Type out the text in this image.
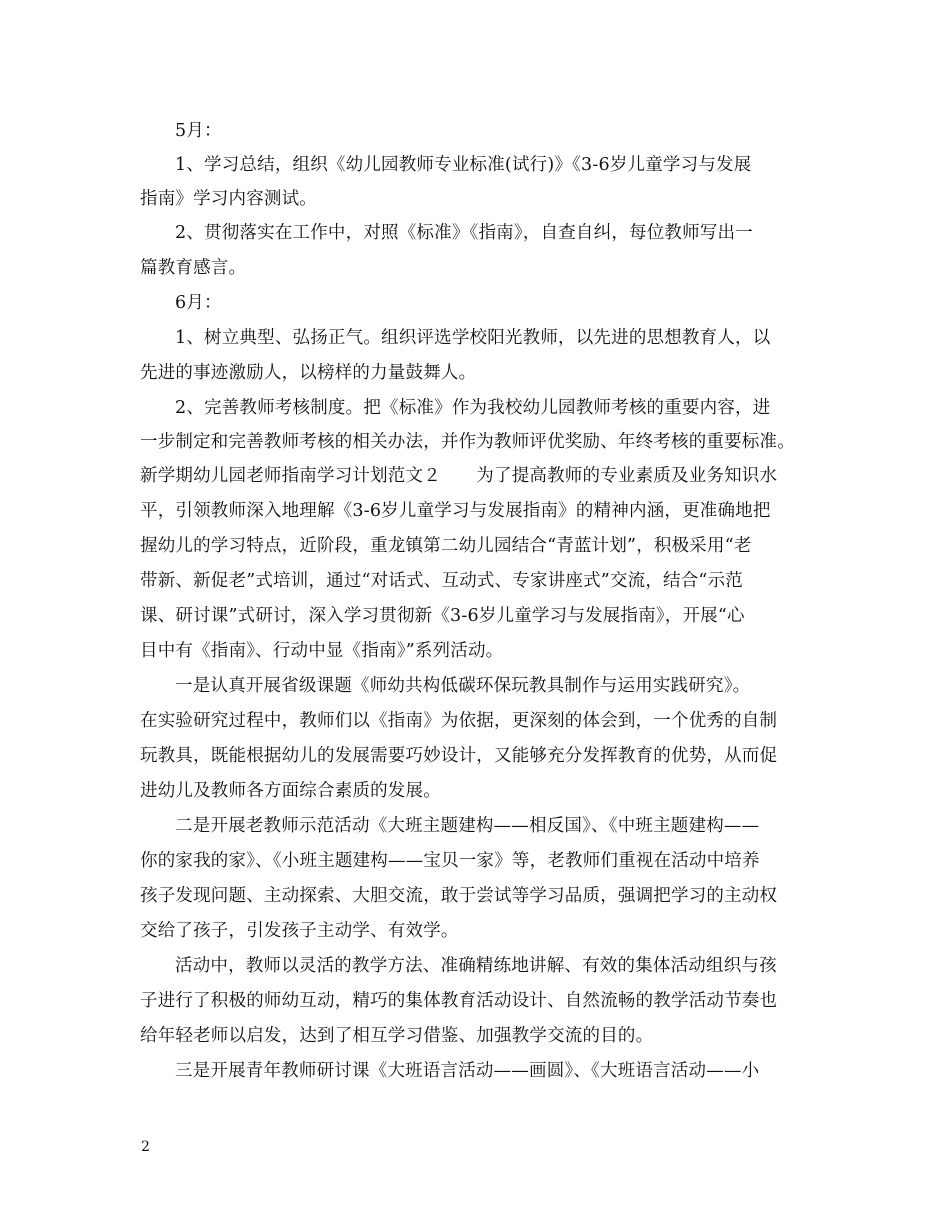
5月：
1、学习总结，组织《幼儿园教师专业标准(试行)》《3-6岁儿童学习与发展
指南》学习内容测试。
2、贯彻落实在工作中，对照《标准》《指南》，自查自纠，每位教师写出一
篇教育感言。
6月：
1、树立典型、弘扬正气。组织评选学校阳光教师，以先进的思想教育人，以
先进的事迹激励人，以榜样的力量鼓舞人。
2、完善教师考核制度。把《标准》作为我校幼儿园教师考核的重要内容，进
一步制定和完善教师考核的相关办法，并作为教师评优奖励、年终考核的重要标准。
新学期幼儿园老师指南学习计划范文２　　为了提高教师的专业素质及业务知识水
平，引领教师深入地理解《3-6岁儿童学习与发展指南》的精神内涵，更准确地把
握幼儿的学习特点，近阶段，重龙镇第二幼儿园结合“青蓝计划”，积极采用“老
带新、新促老”式培训，通过“对话式、互动式、专家讲座式”交流，结合“示范
课、研讨课”式研讨，深入学习贯彻新《3-6岁儿童学习与发展指南》，开展“心
目中有《指南》、行动中显《指南》”系列活动。
一是认真开展省级课题《师幼共构低碳环保玩教具制作与运用实践研究》。
在实验研究过程中，教师们以《指南》为依据，更深刻的体会到，一个优秀的自制
玩教具，既能根据幼儿的发展需要巧妙设计，又能够充分发挥教育的优势，从而促
进幼儿及教师各方面综合素质的发展。
二是开展老教师示范活动《大班主题建构——相反国》、《中班主题建构——
你的家我的家》、《小班主题建构——宝贝一家》等，老教师们重视在活动中培养
孩子发现问题、主动探索、大胆交流，敢于尝试等学习品质，强调把学习的主动权
交给了孩子，引发孩子主动学、有效学。
活动中，教师以灵活的教学方法、准确精练地讲解、有效的集体活动组织与孩
子进行了积极的师幼互动，精巧的集体教育活动设计、自然流畅的教学活动节奏也
给年轻老师以启发，达到了相互学习借鉴、加强教学交流的目的。
三是开展青年教师研讨课《大班语言活动——画圆》、《大班语言活动——小
2
